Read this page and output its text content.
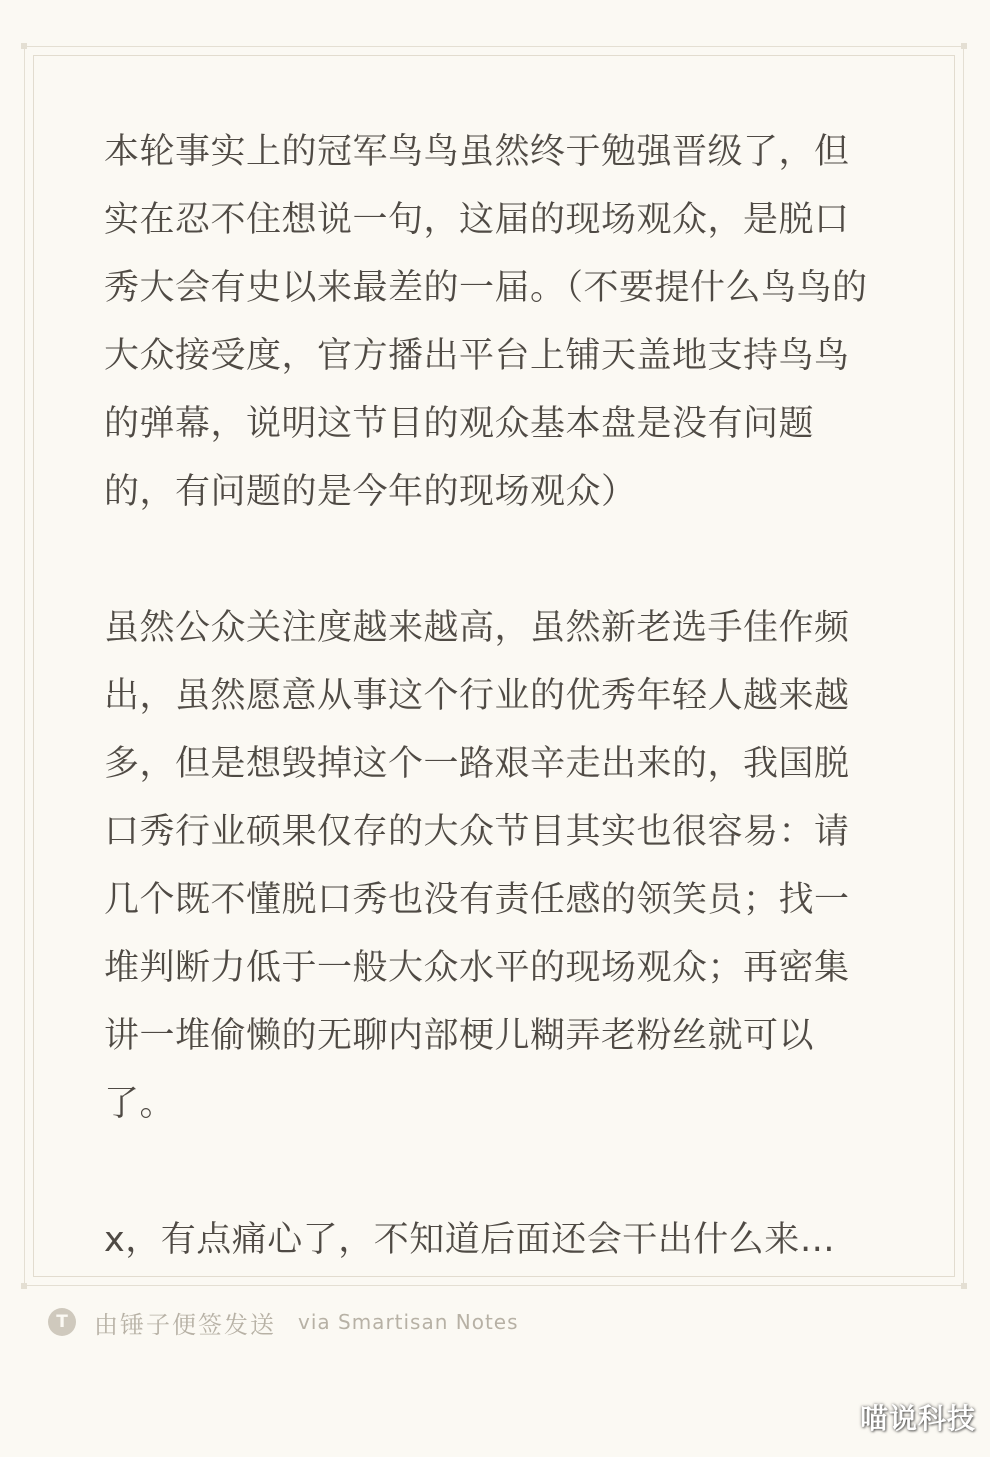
本轮事实上的冠军鸟鸟虽然终于勉强晋级了，但实在忍不住想说一句，这届的现场观众，是脱口秀大会有史以来最差的一届。（不要提什么鸟鸟的大众接受度，官方播出平台上铺天盖地支持鸟鸟的弹幕，说明这节目的观众基本盘是没有问题的，有问题的是今年的现场观众）

虽然公众关注度越来越高，虽然新老选手佳作频出，虽然愿意从事这个行业的优秀年轻人越来越多，但是想毁掉这个一路艰辛走出来的，我国脱口秀行业硕果仅存的大众节目其实也很容易：请几个既不懂脱口秀也没有责任感的领笑员；找一堆判断力低于一般大众水平的现场观众；再密集讲一堆偷懒的无聊内部梗儿糊弄老粉丝就可以了。

x，有点痛心了，不知道后面还会干出什么来…

T	由锤子便签发送 via Smartisan Notes
喵说科技
